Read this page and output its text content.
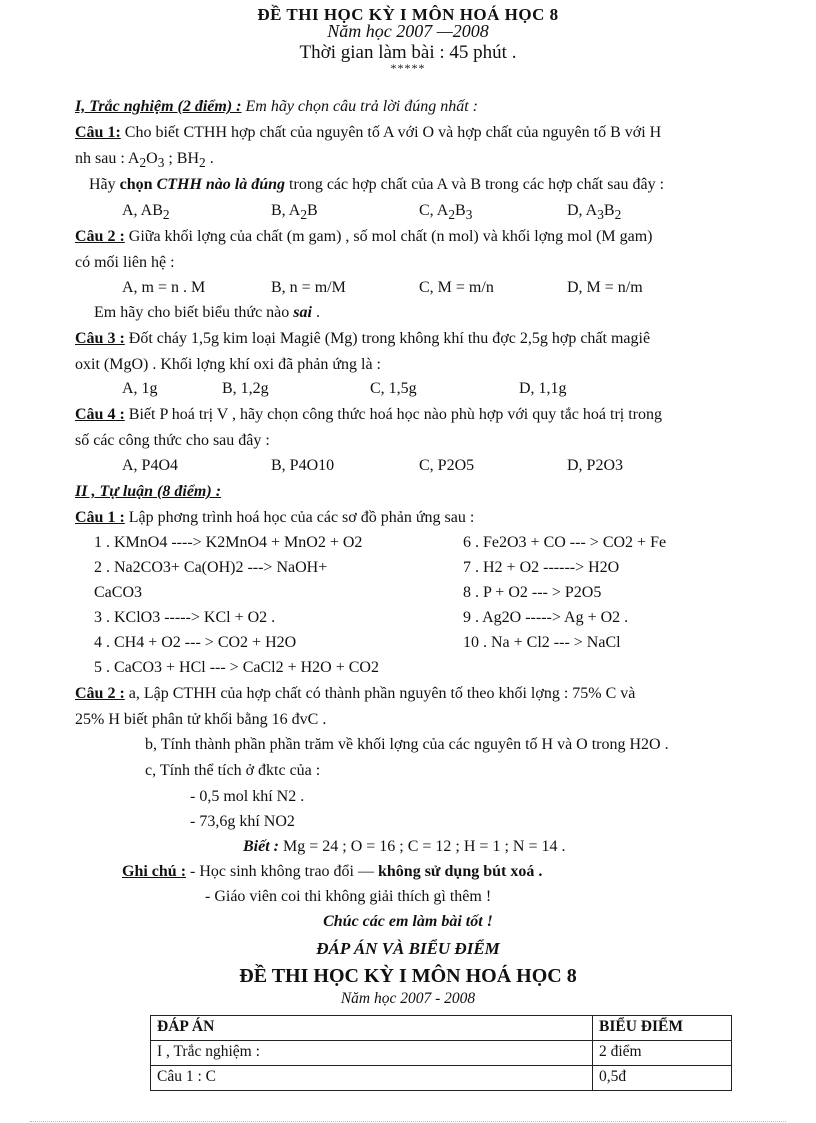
ĐỀ THI HỌC KỲ I MÔN HOÁ HỌC 8
Năm học 2007 —2008
Thời gian làm bài : 45 phút .
*****
I, Trắc nghiệm (2 điểm) : Em hãy chọn câu trả lời đúng nhất :
Câu 1: Cho biết CTHH hợp chất của nguyên tố A với O và hợp chất của nguyên tố B với H
nh sau : $A_2O_3$ ; $BH_2$ .
Hãy chọn CTHH nào là đúng trong các hợp chất của A và B trong các hợp chất sau đây :
A, $AB_2$	B, $A_2B$	C, $A_2B_3$	D, $A_3B_2$
Câu 2 : Giữa khối lợng của chất (m gam) , số mol chất (n mol) và khối lợng mol (M gam)
có mối liên hệ :
A, m = n . M	B, n = m/M	C, M = m/n	D, M = n/m
Em hãy cho biết biểu thức nào sai .
Câu 3 : Đốt cháy 1,5g kim loại Magiê (Mg) trong không khí thu đợc 2,5g hợp chất magiê
oxit (MgO) . Khối lợng khí oxi đã phản ứng là :
A, 1g	B, 1,2g	C, 1,5g	D, 1,1g
Câu 4 : Biết P hoá trị V , hãy chọn công thức hoá học nào phù hợp với quy tắc hoá trị trong
số các công thức cho sau đây :
A, P4O4	B, P4O10	C, P2O5	D, P2O3
II , Tự luận (8 điểm) :
Câu 1 : Lập phơng trình hoá học của các sơ đồ phản ứng sau :
1 . KMnO4 ----> K2MnO4 + MnO2 + O2
2 . Na2CO3+ Ca(OH)2 ---> NaOH+
CaCO3
3 . KClO3 -----> KCl + O2 .
4 . CH4 + O2 --- > CO2 + H2O
5 . CaCO3 + HCl --- > CaCl2 + H2O + CO2
6 . Fe2O3 + CO --- > CO2 + Fe
7 . H2 + O2 ------> H2O
8 . P + O2 --- > P2O5
9 . Ag2O -----> Ag + O2 .
10 . Na + Cl2 --- > NaCl
Câu 2 : a, Lập CTHH của hợp chất có thành phần nguyên tố theo khối lợng : 75% C và
25% H biết phân tử khối bằng 16 đvC .
b, Tính thành phần phần trăm về khối lợng của các nguyên tố H và O trong H2O .
c, Tính thể tích ở đktc của :
- 0,5 mol khí N2 .
- 73,6g khí NO2
Biết : Mg = 24 ; O = 16 ; C = 12 ; H = 1 ; N = 14 .
Ghi chú : - Học sinh không trao đổi — không sử dụng bút xoá .
- Giáo viên coi thi không giải thích gì thêm !
Chúc các em làm bài tốt !
ĐÁP ÁN VÀ BIỂU ĐIỂM
ĐỀ THI HỌC KỲ I MÔN HOÁ HỌC 8
Năm học 2007 - 2008
ĐÁP ÁN	BIỂU ĐIỂM
I , Trắc nghiệm :	2 điểm
Câu 1 : C	0,5đ
